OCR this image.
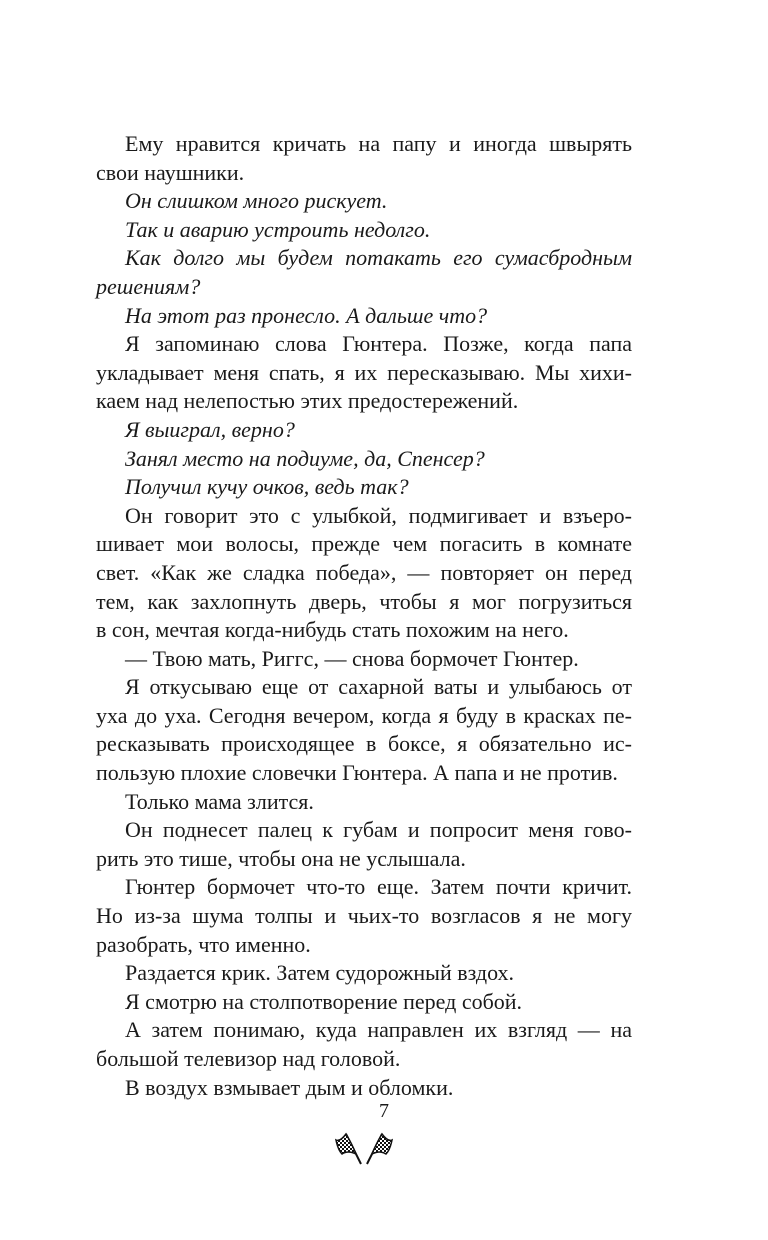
Ему нравится кричать на папу и иногда швырять
свои наушники.

Он слишком много рискует.

Так и аварию устроить недолго.

Как долго мы будем потакать его сумасбродным
решениям?

На этот раз пронесло. А дальше что?

Я запоминаю слова Гюнтера. Позже, когда папа
укладывает меня спать, я их пересказываю. Мы хихи-
каем над нелепостью этих предостережений.

Я выиграл, верно?

Занял место на подиуме, да, Спенсер?

Получил кучу очков, ведь так?

Он говорит это с улыбкой, подмигивает и взъеро-
шивает мои волосы, прежде чем погасить в комнате
свет. «Как же сладка победа», — повторяет он перед
тем, как захлопнуть дверь, чтобы я мог погрузиться
в сон, мечтая когда-нибудь стать похожим на него.

— Твою мать, Риггс, — снова бормочет Гюнтер.

Я откусываю еще от сахарной ваты и улыбаюсь от
уха до уха. Сегодня вечером, когда я буду в красках пе-
ресказывать происходящее в боксе, я обязательно ис-
пользую плохие словечки Гюнтера. А папа и не против.

Только мама злится.

Он поднесет палец к губам и попросит меня гово-
рить это тише, чтобы она не услышала.

Гюнтер бормочет что-то еще. Затем почти кричит.
Но из-за шума толпы и чьих-то возгласов я не могу
разобрать, что именно.

Раздается крик. Затем судорожный вздох.

Я смотрю на столпотворение перед собой.

А затем понимаю, куда направлен их взгляд — на
большой телевизор над головой.

В воздух взмывает дым и обломки.

7
